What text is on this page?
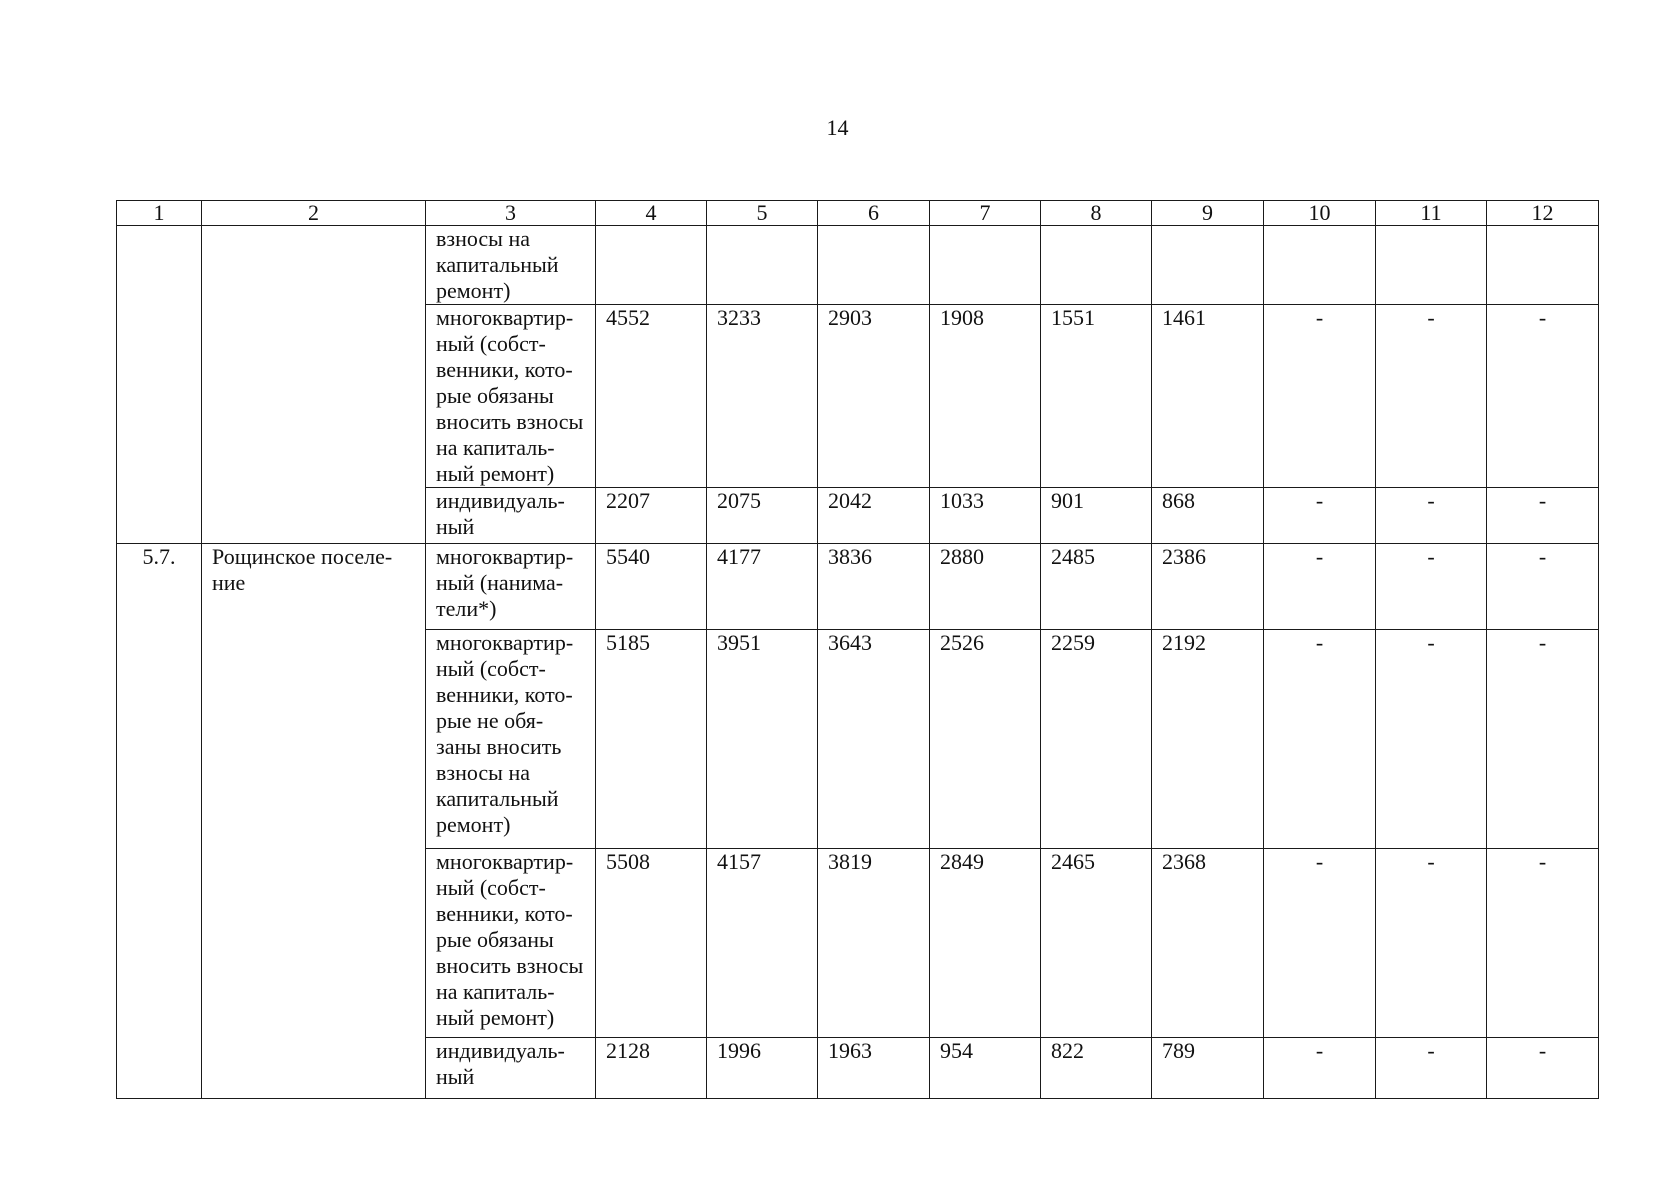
14
1	2	3	4	5	6	7	8	9	10	11	12
		взносы на капитальный ремонт)									
		многоквартир-ный (собст-венники, кото-рые обязаны вносить взносы на капиталь-ный ремонт)	4552	3233	2903	1908	1551	1461	-	-	-
		индивидуаль-ный	2207	2075	2042	1033	901	868	-	-	-
5.7.	Рощинское поселе-ние	многоквартир-ный (нанима-тели*)	5540	4177	3836	2880	2485	2386	-	-	-
		многоквартир-ный (собст-венники, кото-рые не обя-заны вносить взносы на капитальный ремонт)	5185	3951	3643	2526	2259	2192	-	-	-
		многоквартир-ный (собст-венники, кото-рые обязаны вносить взносы на капиталь-ный ремонт)	5508	4157	3819	2849	2465	2368	-	-	-
		индивидуаль-ный	2128	1996	1963	954	822	789	-	-	-
